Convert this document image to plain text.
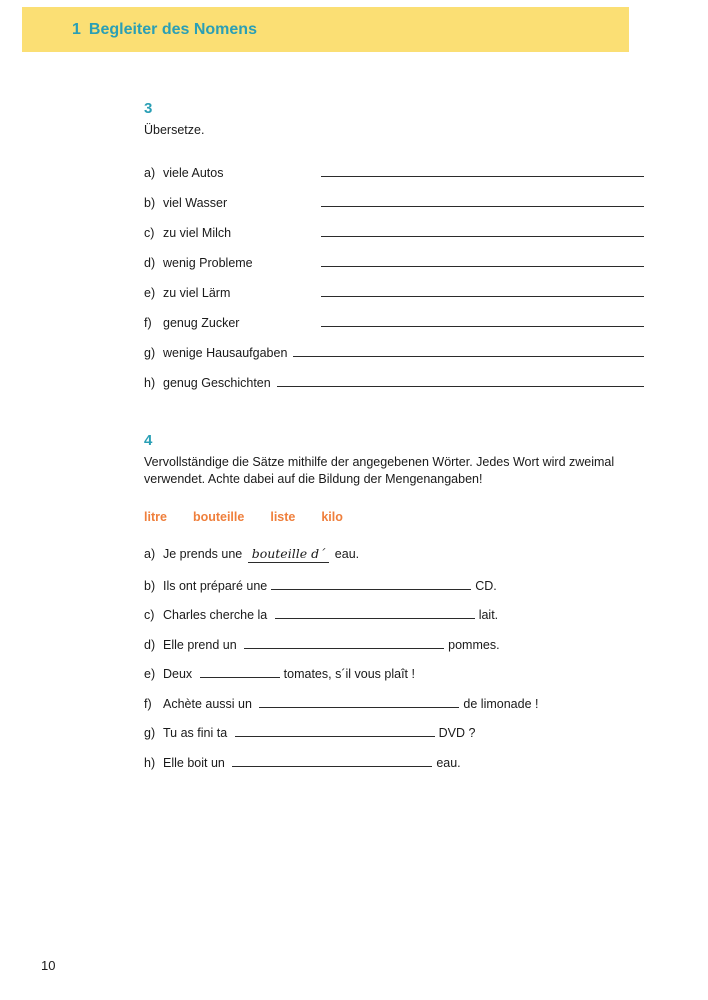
1 Begleiter des Nomens
3
Übersetze.
a) viele Autos
b) viel Wasser
c) zu viel Milch
d) wenig Probleme
e) zu viel Lärm
f) genug Zucker
g) wenige Hausaufgaben
h) genug Geschichten
4
Vervollständige die Sätze mithilfe der angegebenen Wörter. Jedes Wort wird zweimal verwendet. Achte dabei auf die Bildung der Mengenangaben!
litre bouteille liste kilo
a) Je prends une bouteille d´ eau.
b) Ils ont préparé une	CD.
c) Charles cherche la	lait.
d) Elle prend un	pommes.
e) Deux	tomates, s´il vous plaît !
f) Achète aussi un	de limonade !
g) Tu as fini ta	DVD ?
h) Elle boit un	eau.
10
